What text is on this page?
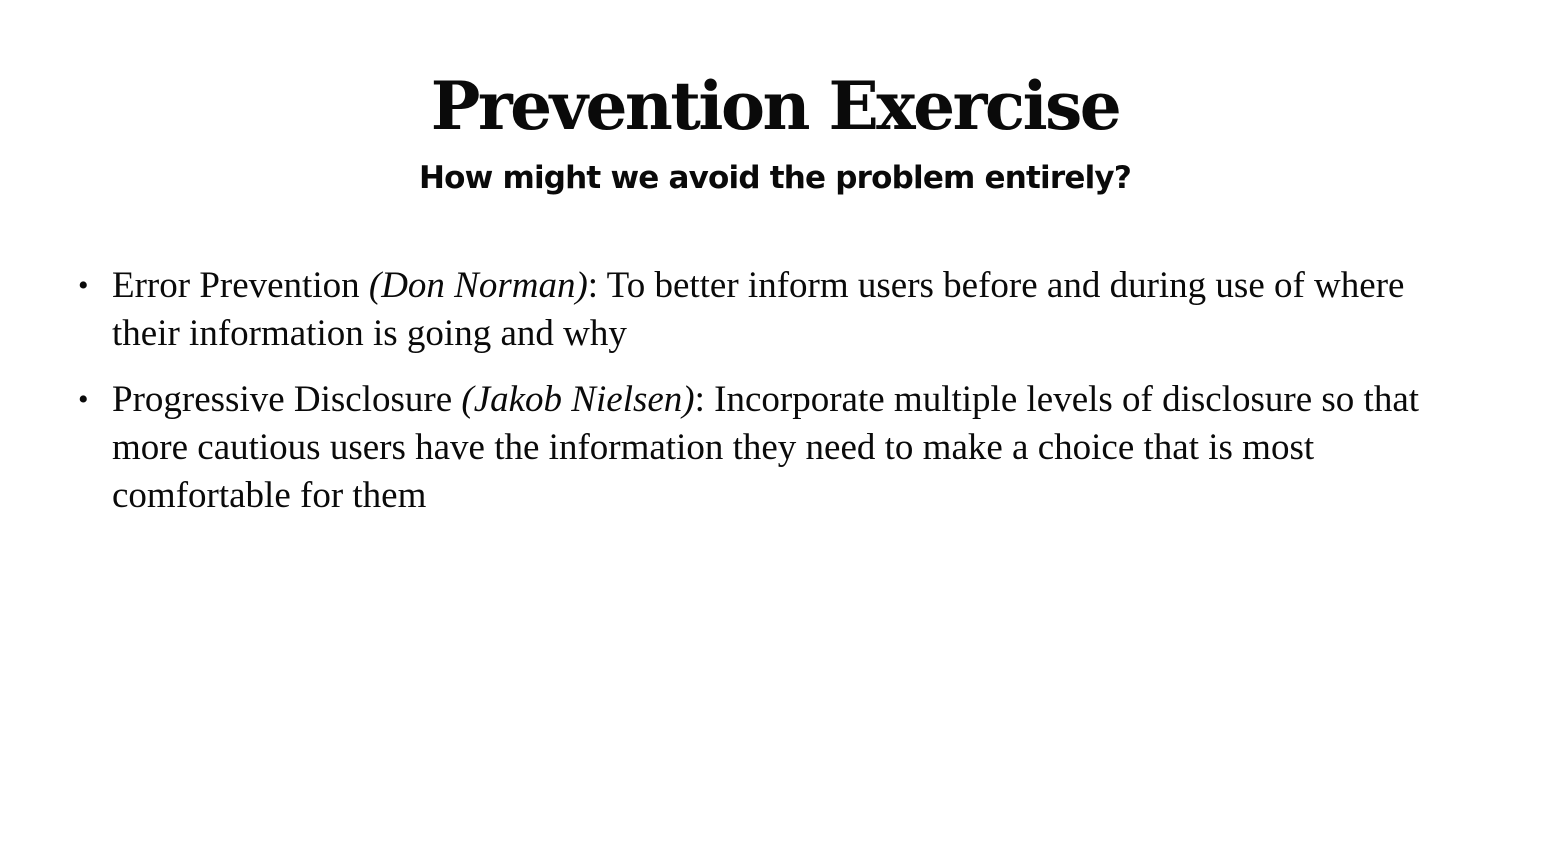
Prevention Exercise
How might we avoid the problem entirely?
• Error Prevention (Don Norman): To better inform users before and during use of where their information is going and why
• Progressive Disclosure (Jakob Nielsen): Incorporate multiple levels of disclosure so that more cautious users have the information they need to make a choice that is most comfortable for them
